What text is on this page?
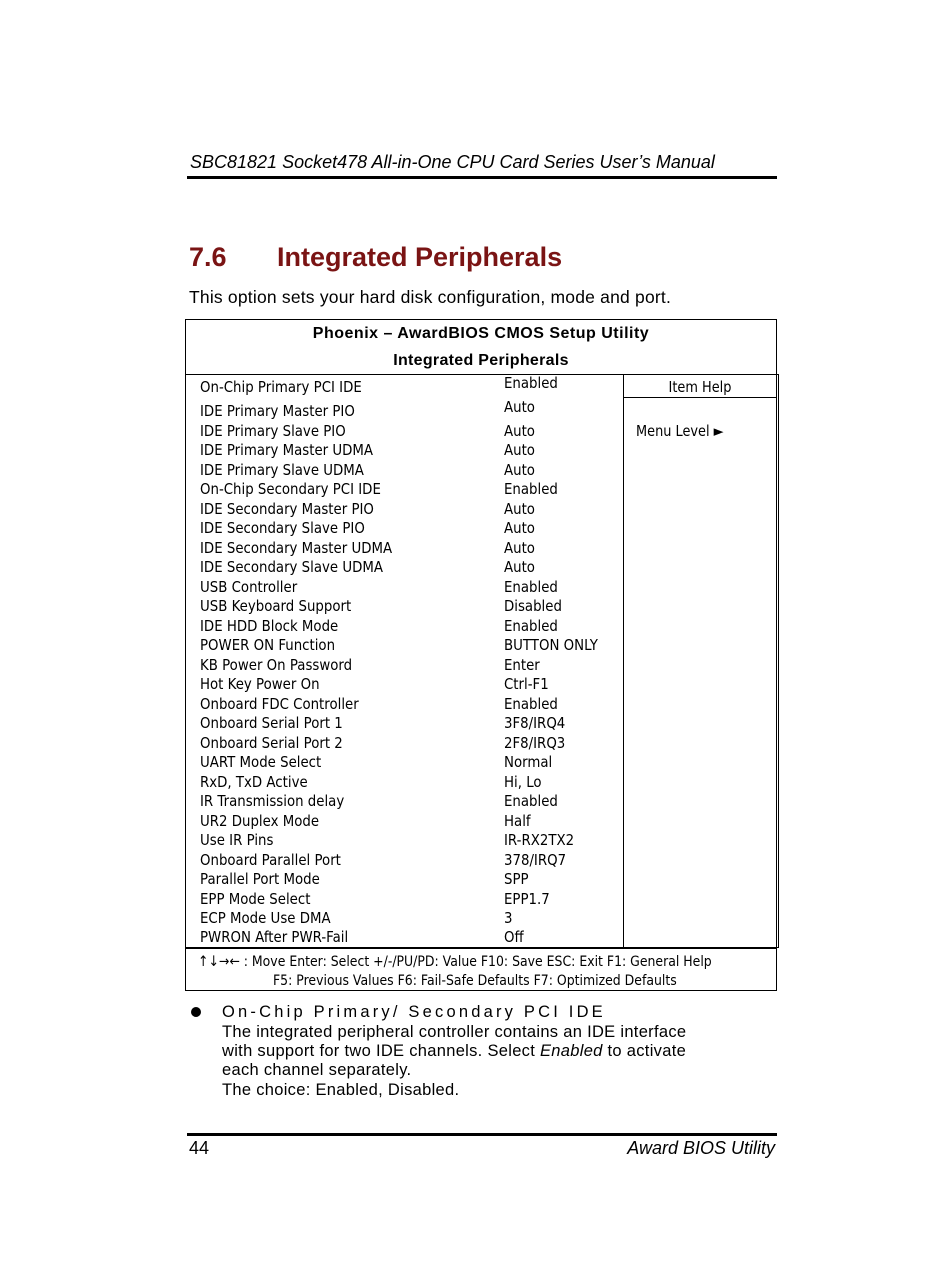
SBC81821 Socket478 All-in-One CPU Card Series User’s Manual
7.6 Integrated Peripherals
This option sets your hard disk configuration, mode and port.
Phoenix – AwardBIOS CMOS Setup Utility
Integrated Peripherals
Item Help
Menu Level ►
On-Chip Primary PCI IDE	Enabled
IDE Primary Master PIO	Auto
IDE Primary Slave PIO	Auto
IDE Primary Master UDMA	Auto
IDE Primary Slave UDMA	Auto
On-Chip Secondary PCI IDE	Enabled
IDE Secondary Master PIO	Auto
IDE Secondary Slave PIO	Auto
IDE Secondary Master UDMA	Auto
IDE Secondary Slave UDMA	Auto
USB Controller	Enabled
USB Keyboard Support	Disabled
IDE HDD Block Mode	Enabled
POWER ON Function	BUTTON ONLY
KB Power On Password	Enter
Hot Key Power On	Ctrl-F1
Onboard FDC Controller	Enabled
Onboard Serial Port 1	3F8/IRQ4
Onboard Serial Port 2	2F8/IRQ3
UART Mode Select	Normal
RxD, TxD Active	Hi, Lo
IR Transmission delay	Enabled
UR2 Duplex Mode	Half
Use IR Pins	IR-RX2TX2
Onboard Parallel Port	378/IRQ7
Parallel Port Mode	SPP
EPP Mode Select	EPP1.7
ECP Mode Use DMA	3
PWRON After PWR-Fail	Off
↑↓→← : Move Enter: Select +/-/PU/PD: Value F10: Save ESC: Exit F1: General Help
F5: Previous Values F6: Fail-Safe Defaults F7: Optimized Defaults
On-Chip Primary/ Secondary PCI IDE
The integrated peripheral controller contains an IDE interface
with support for two IDE channels. Select Enabled to activate
each channel separately.
The choice: Enabled, Disabled.
44	Award BIOS Utility
